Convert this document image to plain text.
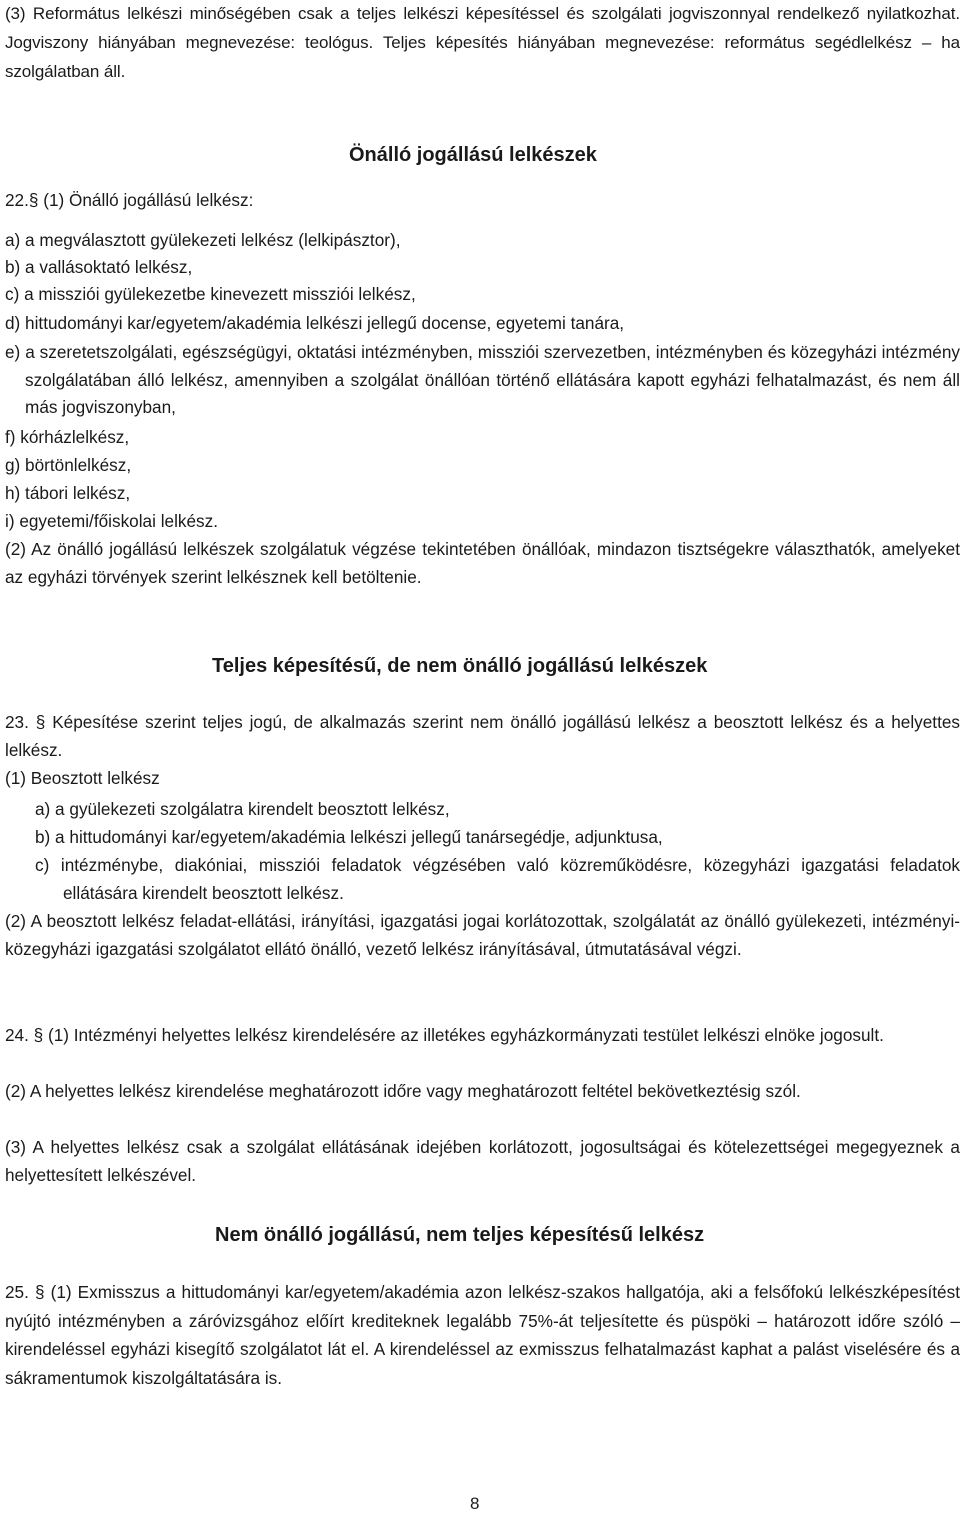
(3) Református lelkészi minőségében csak a teljes lelkészi képesítéssel és szolgálati jogviszonnyal rendelkező nyilatkozhat. Jogviszony hiányában megnevezése: teológus. Teljes képesítés hiányában megnevezése: református segédlelkész – ha szolgálatban áll.

Önálló jogállású lelkészek

22.§ (1) Önálló jogállású lelkész:

a) a megválasztott gyülekezeti lelkész (lelkipásztor),

b) a vallásoktató lelkész,

c) a missziói gyülekezetbe kinevezett missziói lelkész,

d) hittudományi kar/egyetem/akadémia lelkészi jellegű docense, egyetemi tanára,

e) a szeretetszolgálati, egészségügyi, oktatási intézményben, missziói szervezetben, intézményben és közegyházi intézmény szolgálatában álló lelkész, amennyiben a szolgálat önállóan történő ellátására kapott egyházi felhatalmazást, és nem áll más jogviszonyban,

f) kórházlelkész,

g) börtönlelkész,

h) tábori lelkész,

i) egyetemi/főiskolai lelkész.

(2) Az önálló jogállású lelkészek szolgálatuk végzése tekintetében önállóak, mindazon tisztségekre választhatók, amelyeket az egyházi törvények szerint lelkésznek kell betöltenie.

Teljes képesítésű, de nem önálló jogállású lelkészek

23. § Képesítése szerint teljes jogú, de alkalmazás szerint nem önálló jogállású lelkész a beosztott lelkész és a helyettes lelkész.

(1) Beosztott lelkész

a) a gyülekezeti szolgálatra kirendelt beosztott lelkész,

b) a hittudományi kar/egyetem/akadémia lelkészi jellegű tanársegédje, adjunktusa,

c) intézménybe, diakóniai, missziói feladatok végzésében való közreműködésre, közegyházi igazgatási feladatok ellátására kirendelt beosztott lelkész.

(2) A beosztott lelkész feladat-ellátási, irányítási, igazgatási jogai korlátozottak, szolgálatát az önálló gyülekezeti, intézményi-közegyházi igazgatási szolgálatot ellátó önálló, vezető lelkész irányításával, útmutatásával végzi.

24. § (1) Intézményi helyettes lelkész kirendelésére az illetékes egyházkormányzati testület lelkészi elnöke jogosult.

(2) A helyettes lelkész kirendelése meghatározott időre vagy meghatározott feltétel bekövetkeztésig szól.

(3) A helyettes lelkész csak a szolgálat ellátásának idejében korlátozott, jogosultságai és kötelezettségei megegyeznek a helyettesített lelkészével.

Nem önálló jogállású, nem teljes képesítésű lelkész

25. § (1) Exmisszus a hittudományi kar/egyetem/akadémia azon lelkész-szakos hallgatója, aki a felsőfokú lelkészképesítést nyújtó intézményben a záróvizsgához előírt krediteknek legalább 75%-át teljesítette és püspöki – határozott időre szóló – kirendeléssel egyházi kisegítő szolgálatot lát el. A kirendeléssel az exmisszus felhatalmazást kaphat a palást viselésére és a sákramentumok kiszolgáltatására is.

8
